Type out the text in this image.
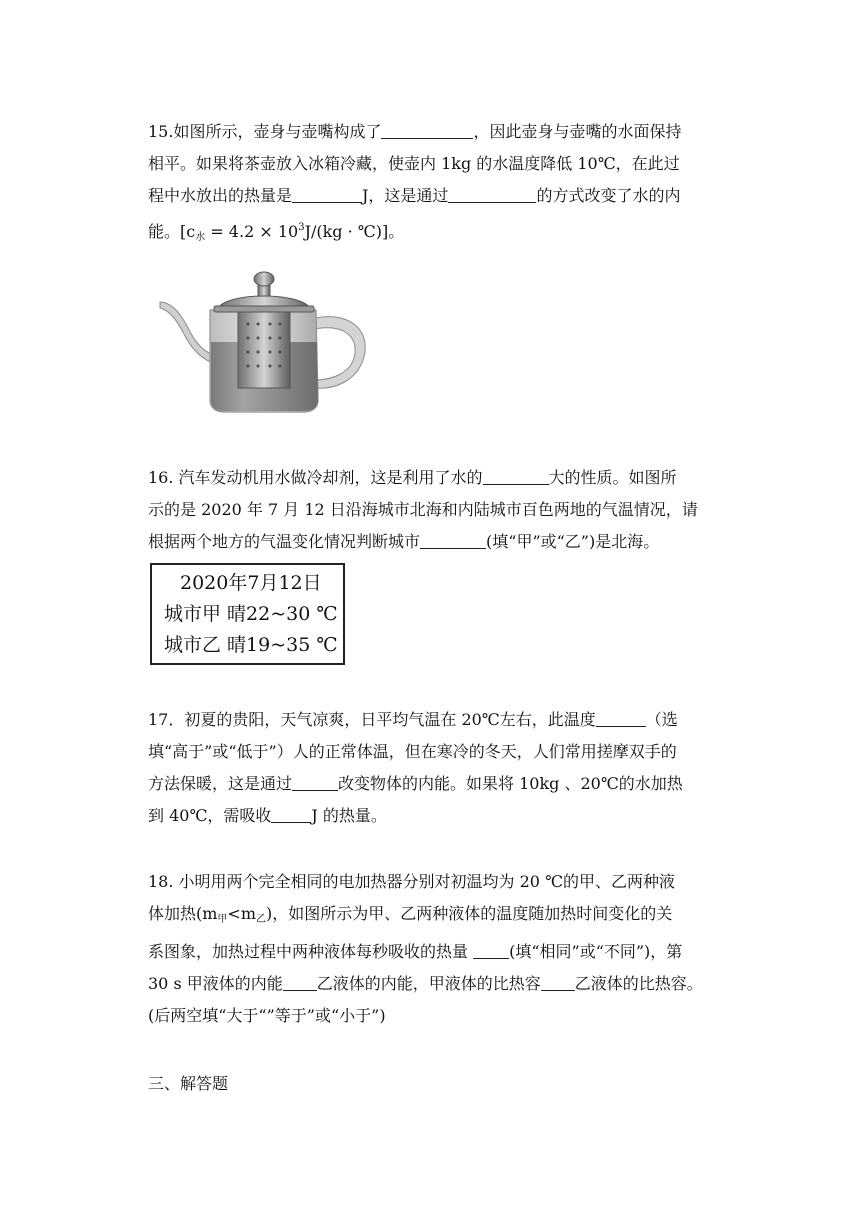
15.如图所示，壶身与壶嘴构成了	，因此壶身与壶嘴的水面保持
相平。如果将茶壶放入冰箱冷藏，使壶内 1kg 的水温度降低 10℃，在此过
程中水放出的热量是	J，这是通过	的方式改变了水的内
能。[$c_水 = 4.2 \times 10^3J/(kg$ · ℃)]。
16. 汽车发动机用水做冷却剂，这是利用了水的	大的性质。如图所
示的是 2020 年 7 月 12 日沿海城市北海和内陆城市百色两地的气温情况，请
根据两个地方的气温变化情况判断城市	(填“甲”或“乙”)是北海。
2020年7月12日
城市甲 晴22~30 ℃
城市乙 晴19~35 ℃
17．初夏的贵阳，天气凉爽，日平均气温在 20℃左右，此温度	（选
填“高于”或“低于”）人的正常体温，但在寒冷的冬天，人们常用搓摩双手的
方法保暖，这是通过	改变物体的内能。如果将 10kg 、20℃的水加热
到 40℃，需吸收	J 的热量。
18. 小明用两个完全相同的电加热器分别对初温均为 20 ℃的甲、乙两种液
体加热$(m_甲<m_乙)$，如图所示为甲、乙两种液体的温度随加热时间变化的关
系图象，加热过程中两种液体每秒吸收的热量 (填“相同”或“不同”)，第
30 s 甲液体的内能 乙液体的内能，甲液体的比热容 乙液体的比热容。
(后两空填“大于“”等于”或“小于”)
三、解答题
